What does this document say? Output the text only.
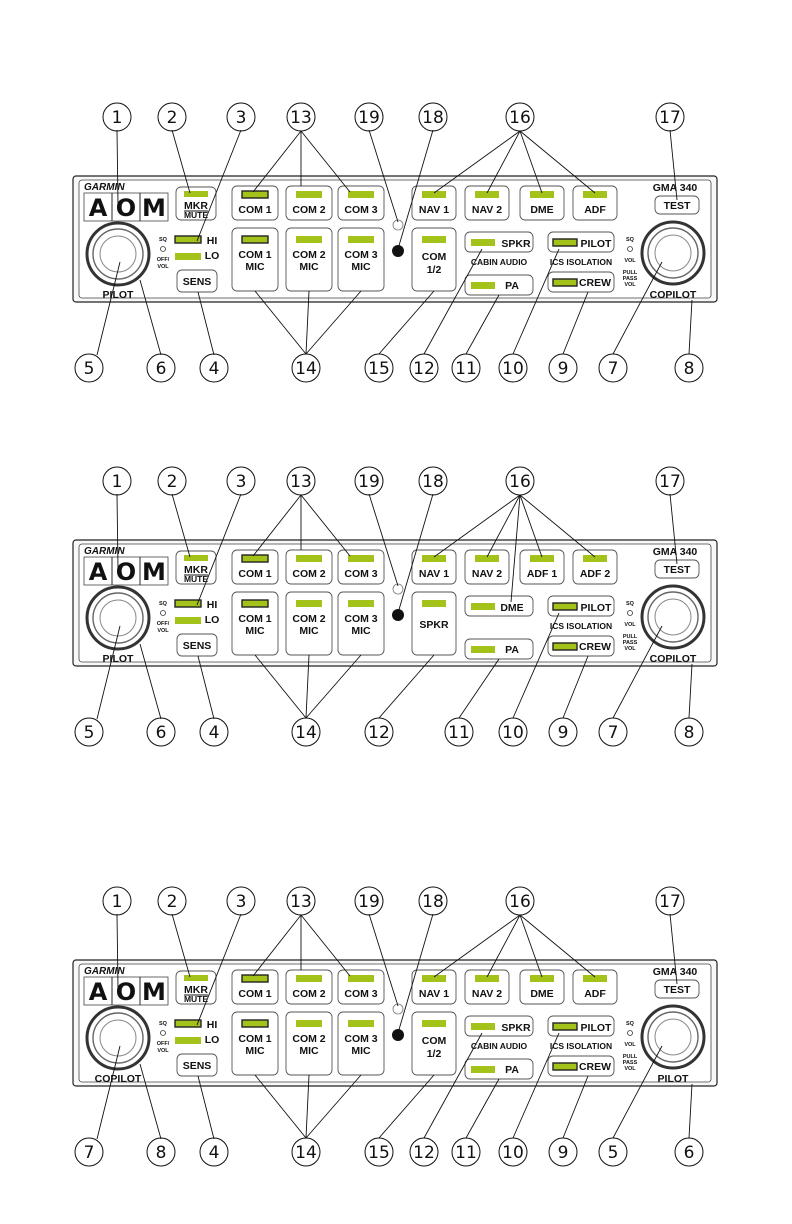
GARMIN	GMA 340
A O M MKR
MUTE
HI
LO
SENS
SQ
OFF/
VOL
PILOT
COM 1 COM 2 COM 3
COM 1
MIC
COM 2
MIC
COM 3
MIC
COM
1/2
NAV 1 NAV 2	DME	ADF	TEST
SPKR
CABIN AUDIO
PA
PILOT
ICS ISOLATION
CREW
SQ
VOL
PULL
PASS
VOL
COPILOT
1	2	3	13	19 18	16	17
5	6 4	14	15 12 11 10 9 7	8
GARMIN	GMA 340
A O M MKR
MUTE
HI
LO
SENS
SQ
OFF/
VOL
PILOT
COM 1 COM 2 COM 3
COM 1
MIC
COM 2
MIC
COM 3
MIC	SPKR
NAV 1 NAV 2 ADF 1 ADF 2	TEST
DME
PA
PILOT
ICS ISOLATION
CREW
SQ
VOL
PULL
PASS
VOL
COPILOT
1	2	3	13	19 18	16	17
5	6 4	14	12	11 10 9 7	8
GARMIN	GMA 340
A O M MKR
MUTE
HI
LO
SENS
SQ
OFF/
VOL
COPILOT
COM 1 COM 2 COM 3
COM 1
MIC
COM 2
MIC
COM 3
MIC
COM
1/2
NAV 1 NAV 2	DME	ADF	TEST
SPKR
CABIN AUDIO
PA
PILOT
ICS ISOLATION
CREW
SQ
VOL
PULL
PASS
VOL
PILOT
1	2	3	13	19 18	16	17
7	8 4	14	15 12 11 10 9 5	6
